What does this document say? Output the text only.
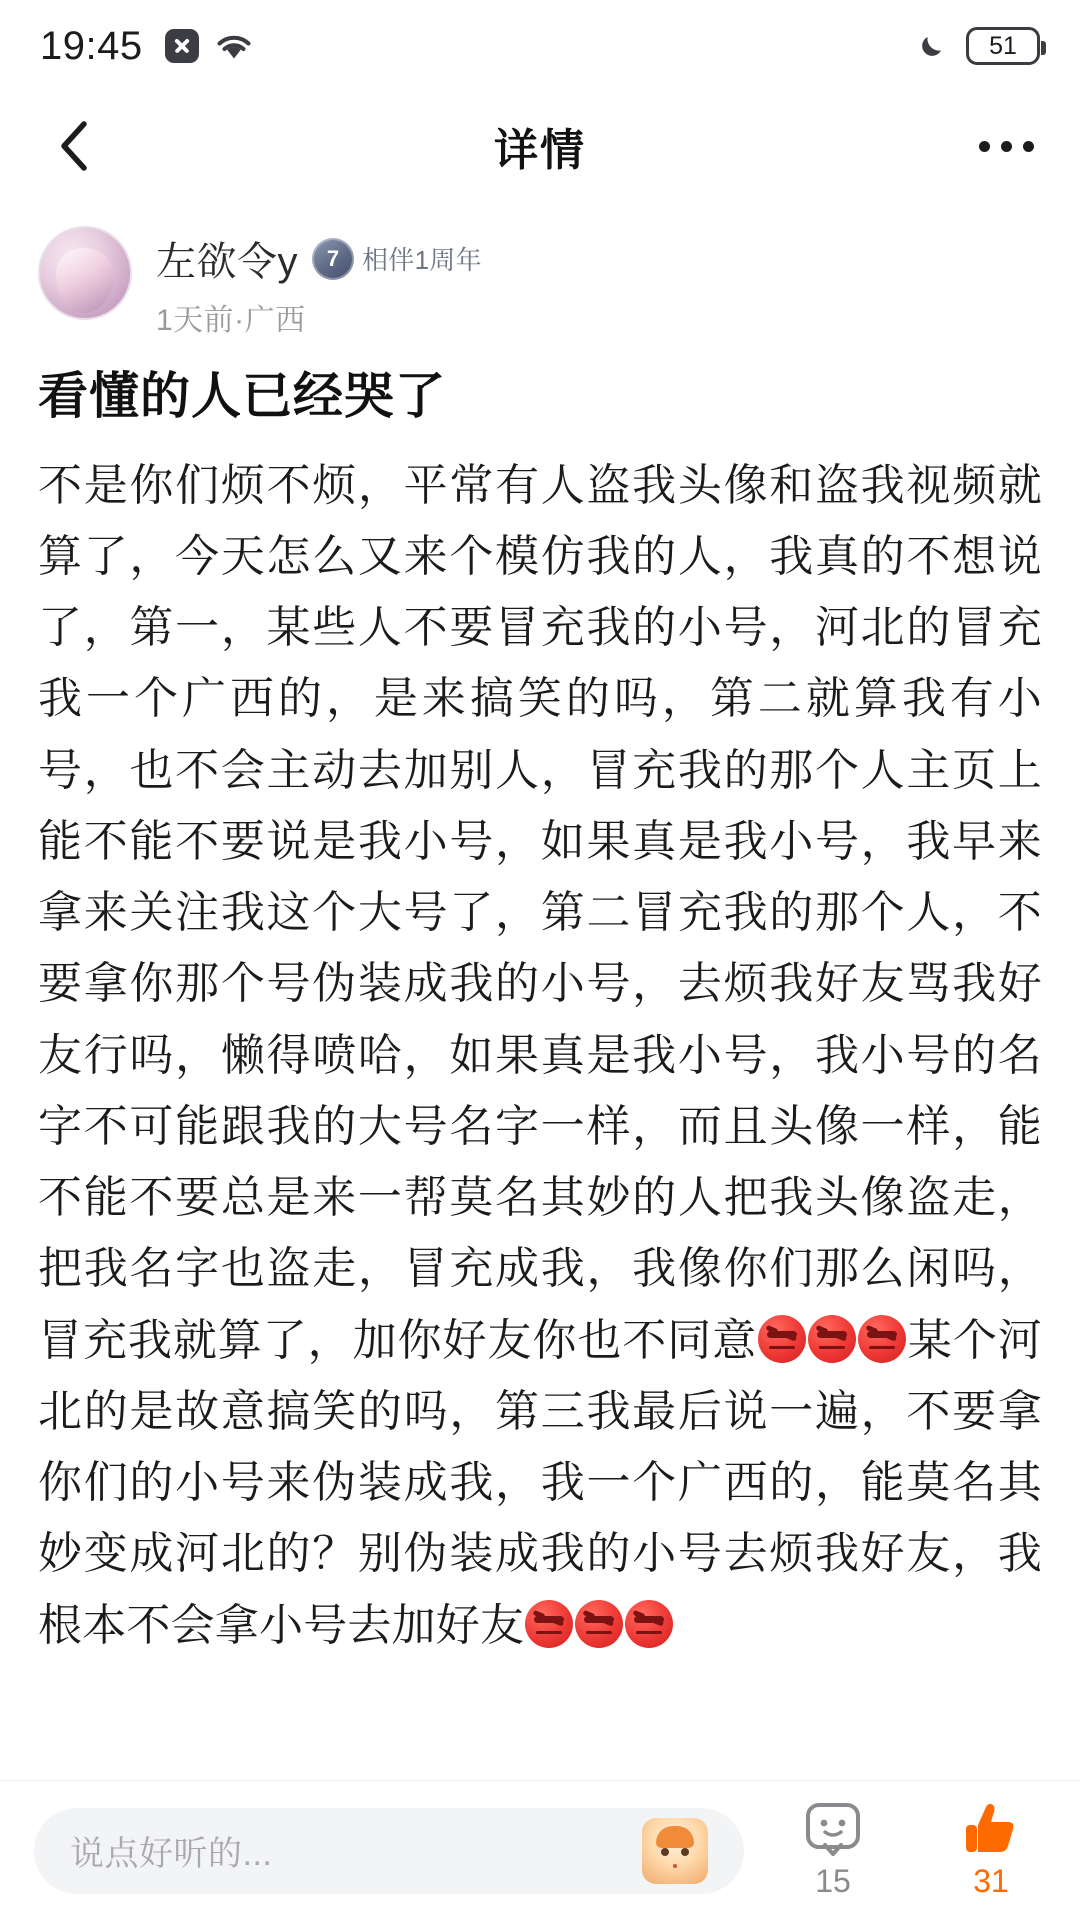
19:45	51
详情
左欲令y	7 相伴1周年
1天前·广西
看懂的人已经哭了
不是你们烦不烦，平常有人盗我头像和盗我视频就算了，今天怎么又来个模仿我的人，我真的不想说了，第一，某些人不要冒充我的小号，河北的冒充我一个广西的，是来搞笑的吗，第二就算我有小号，也不会主动去加别人，冒充我的那个人主页上能不能不要说是我小号，如果真是我小号，我早来拿来关注我这个大号了，第二冒充我的那个人，不要拿你那个号伪装成我的小号，去烦我好友骂我好友行吗，懒得喷哈，如果真是我小号，我小号的名字不可能跟我的大号名字一样，而且头像一样，能不能不要总是来一帮莫名其妙的人把我头像盗走，把我名字也盗走，冒充成我，我像你们那么闲吗，冒充我就算了，加你好友你也不同意	某个河北的是故意搞笑的吗，第三我最后说一遍，不要拿你们的小号来伪装成我，我一个广西的，能莫名其妙变成河北的？别伪装成我的小号去烦我好友，我根本不会拿小号去加好友
说点好听的...
15	31
